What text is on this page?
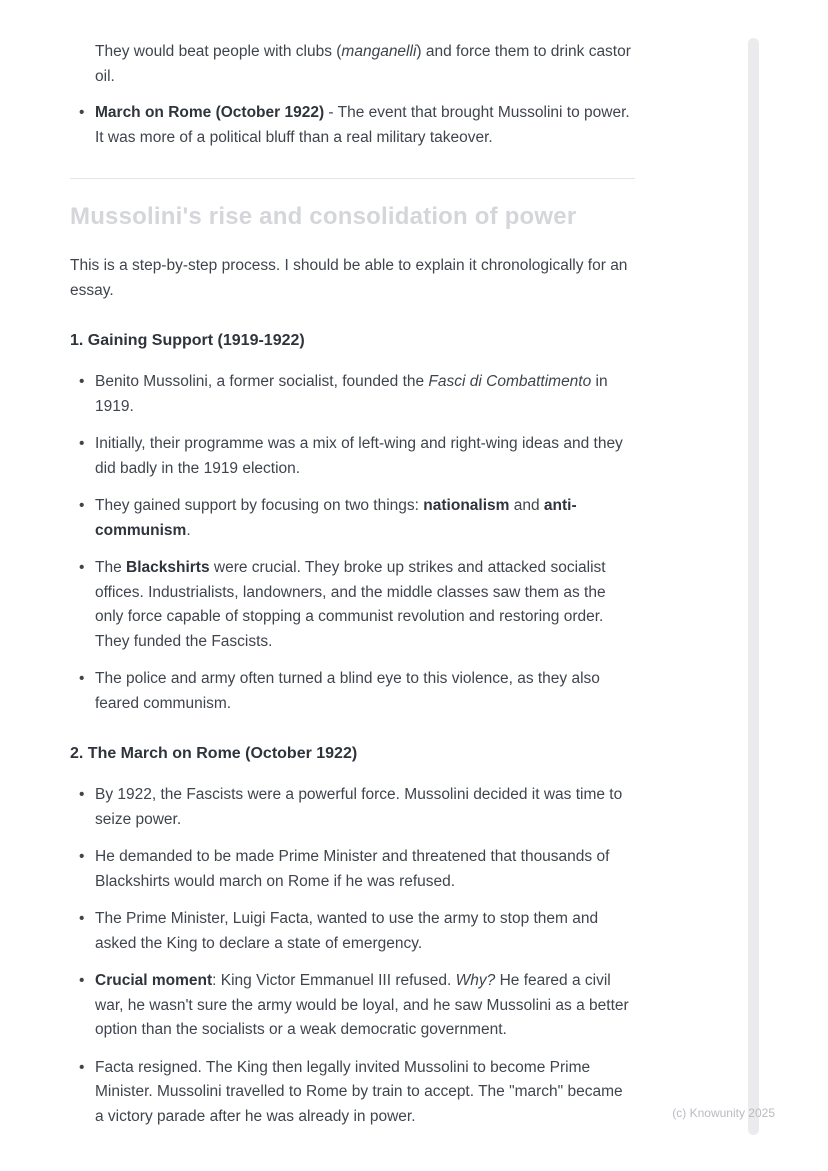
They would beat people with clubs (manganelli) and force them to drink castor oil.

• March on Rome (October 1922) - The event that brought Mussolini to power. It was more of a political bluff than a real military takeover.
Mussolini's rise and consolidation of power

This is a step-by-step process. I should be able to explain it chronologically for an essay.

1. Gaining Support (1919-1922)
• Benito Mussolini, a former socialist, founded the Fasci di Combattimento in 1919.
• Initially, their programme was a mix of left-wing and right-wing ideas and they did badly in the 1919 election.
• They gained support by focusing on two things: nationalism and anti-communism.
• The Blackshirts were crucial. They broke up strikes and attacked socialist offices. Industrialists, landowners, and the middle classes saw them as the only force capable of stopping a communist revolution and restoring order. They funded the Fascists.
• The police and army often turned a blind eye to this violence, as they also feared communism.
2. The March on Rome (October 1922)
• By 1922, the Fascists were a powerful force. Mussolini decided it was time to seize power.
• He demanded to be made Prime Minister and threatened that thousands of Blackshirts would march on Rome if he was refused.
• The Prime Minister, Luigi Facta, wanted to use the army to stop them and asked the King to declare a state of emergency.
• Crucial moment: King Victor Emmanuel III refused. Why? He feared a civil war, he wasn't sure the army would be loyal, and he saw Mussolini as a better option than the socialists or a weak democratic government.
• Facta resigned. The King then legally invited Mussolini to become Prime Minister. Mussolini travelled to Rome by train to accept. The "march" became a victory parade after he was already in power.	(c) Knowunity 2025
